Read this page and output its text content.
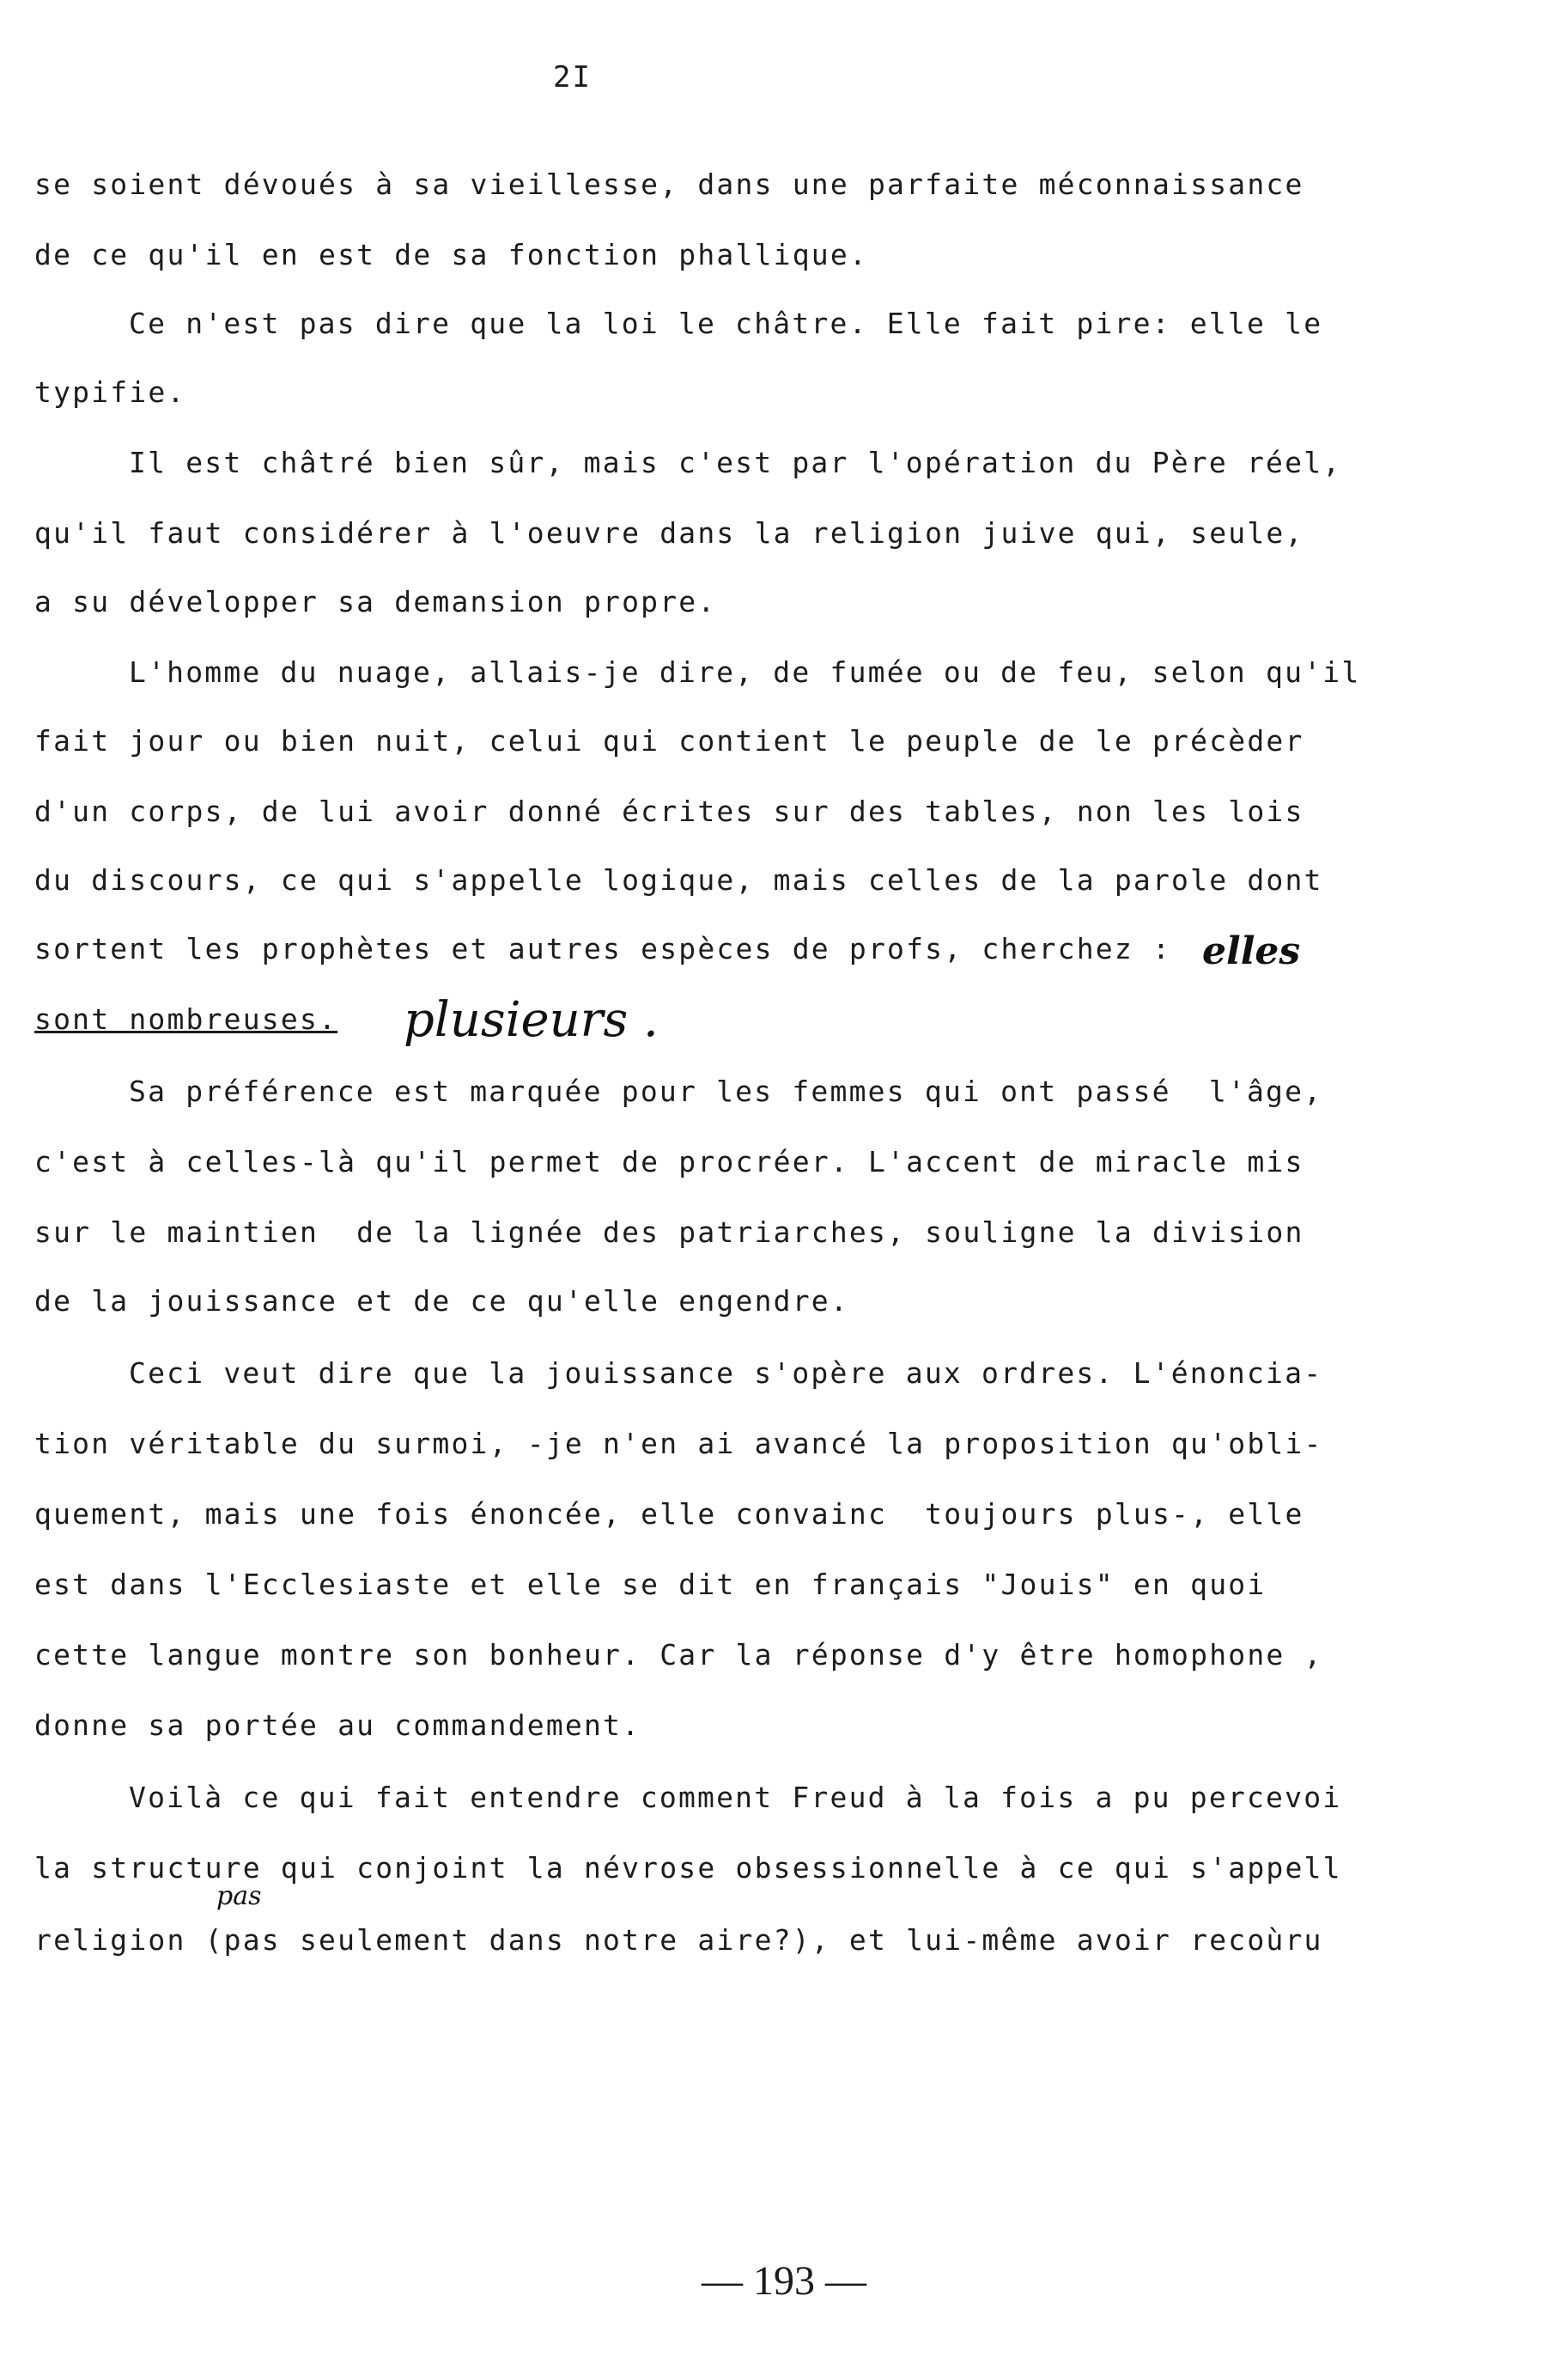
2I
se soient dévoués à sa vieillesse, dans une parfaite méconnaissance
de ce qu'il en est de sa fonction phallique.
Ce n'est pas dire que la loi le châtre. Elle fait pire: elle le
typifie.
Il est châtré bien sûr, mais c'est par l'opération du Père réel,
qu'il faut considérer à l'oeuvre dans la religion juive qui, seule,
a su développer sa demansion propre.
L'homme du nuage, allais-je dire, de fumée ou de feu, selon qu'il
fait jour ou bien nuit, celui qui contient le peuple de le précèder
d'un corps, de lui avoir donné écrites sur des tables, non les lois
du discours, ce qui s'appelle logique, mais celles de la parole dont
sortent les prophètes et autres espèces de profs, cherchez :
sont nombreuses.
Sa préférence est marquée pour les femmes qui ont passé  l'âge,
c'est à celles-là qu'il permet de procréer. L'accent de miracle mis
sur le maintien  de la lignée des patriarches, souligne la division
de la jouissance et de ce qu'elle engendre.
Ceci veut dire que la jouissance s'opère aux ordres. L'énoncia-
tion véritable du surmoi, -je n'en ai avancé la proposition qu'obli-
quement, mais une fois énoncée, elle convainc  toujours plus-, elle
est dans l'Ecclesiaste et elle se dit en français "Jouis" en quoi
cette langue montre son bonheur. Car la réponse d'y être homophone ,
donne sa portée au commandement.
Voilà ce qui fait entendre comment Freud à la fois a pu percevoi
la structure qui conjoint la névrose obsessionnelle à ce qui s'appell
religion (pas seulement dans notre aire?), et lui-même avoir recoùru
elles
plusieurs .
pas
— 193 —
